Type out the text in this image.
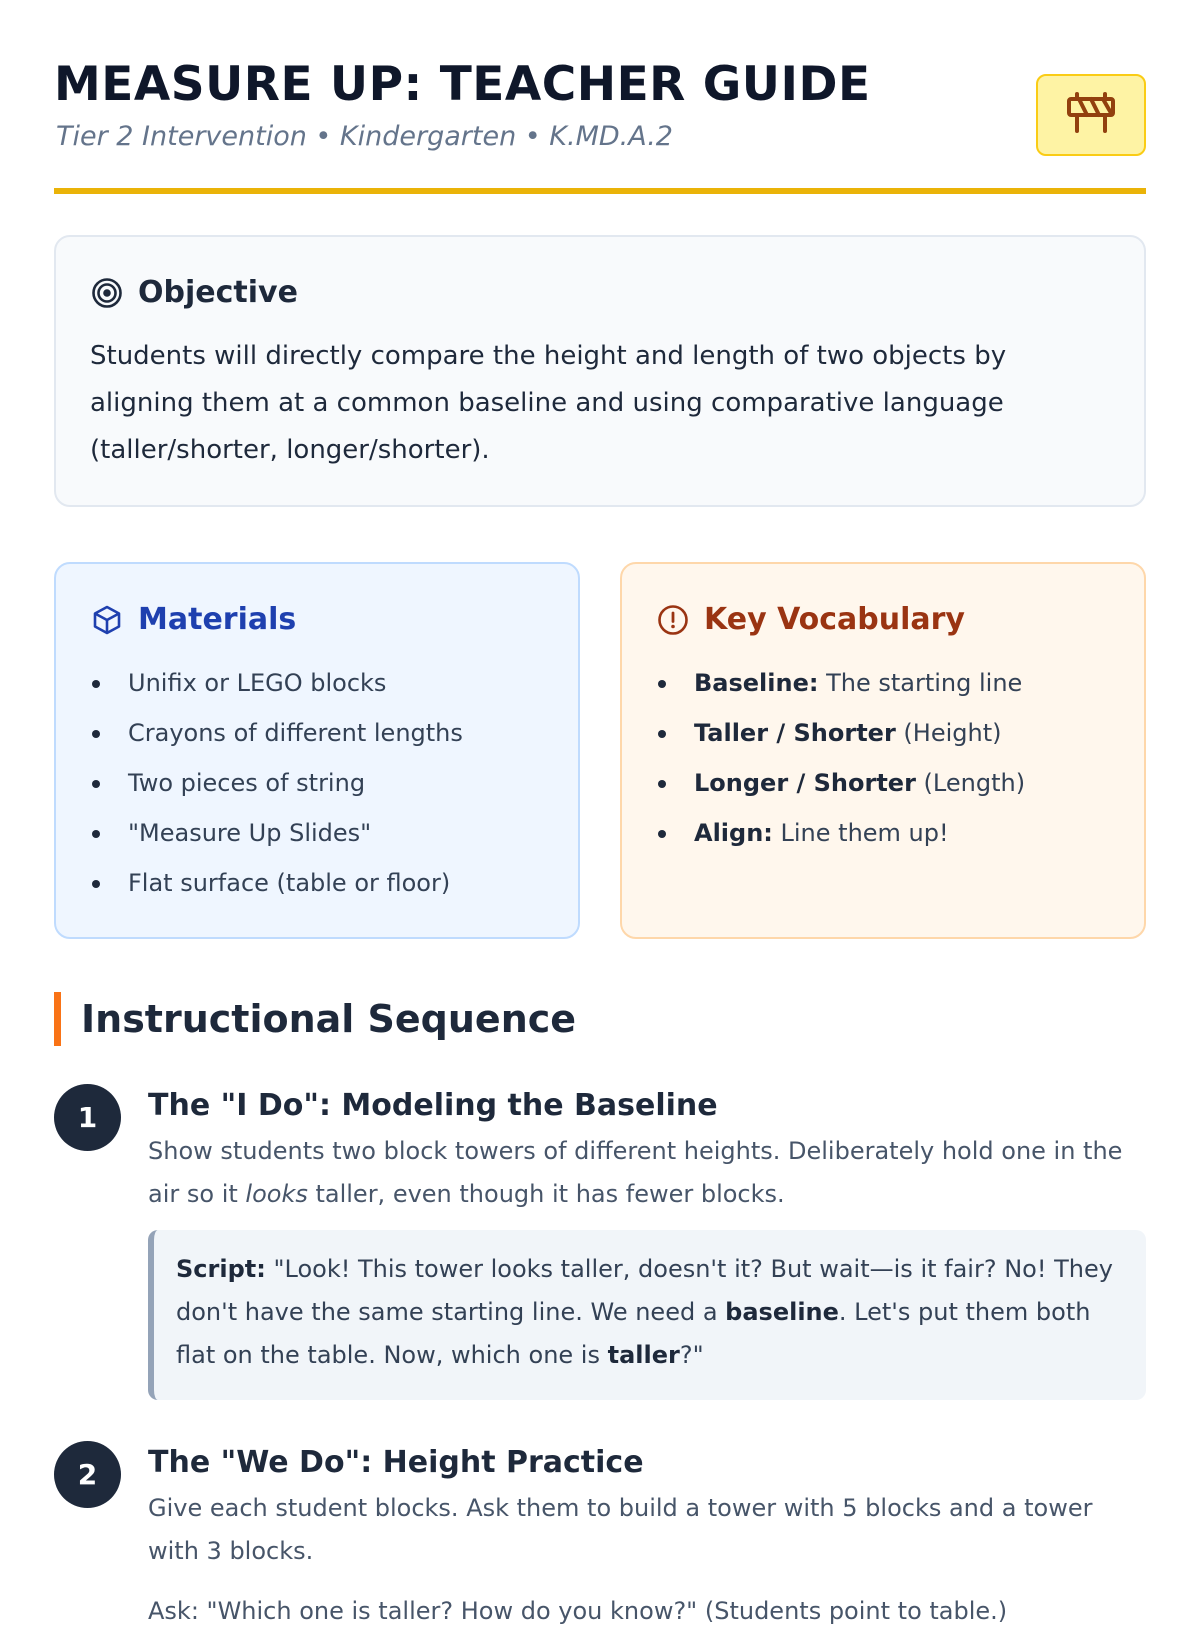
MEASURE UP: TEACHER GUIDE
Tier 2 Intervention • Kindergarten • K.MD.A.2
Objective

Students will directly compare the height and length of two objects by aligning them at a common baseline and using comparative language (taller/shorter, longer/shorter).

Materials
Unifix or LEGO blocks
Crayons of different lengths
Two pieces of string
"Measure Up Slides"
Flat surface (table or floor)
Key Vocabulary
Baseline: The starting line
Taller / Shorter (Height)
Longer / Shorter (Length)
Align: Line them up!
Instructional Sequence
1	The "I Do": Modeling the Baseline

Show students two block towers of different heights. Deliberately hold one in the air so it looks taller, even though it has fewer blocks.

Script: "Look! This tower looks taller, doesn't it? But wait—is it fair? No! They don't have the same starting line. We need a baseline. Let's put them both flat on the table. Now, which one is taller?"
2	The "We Do": Height Practice

Give each student blocks. Ask them to build a tower with 5 blocks and a tower with 3 blocks.

Ask: "Which one is taller? How do you know?" (Students point to table.)
